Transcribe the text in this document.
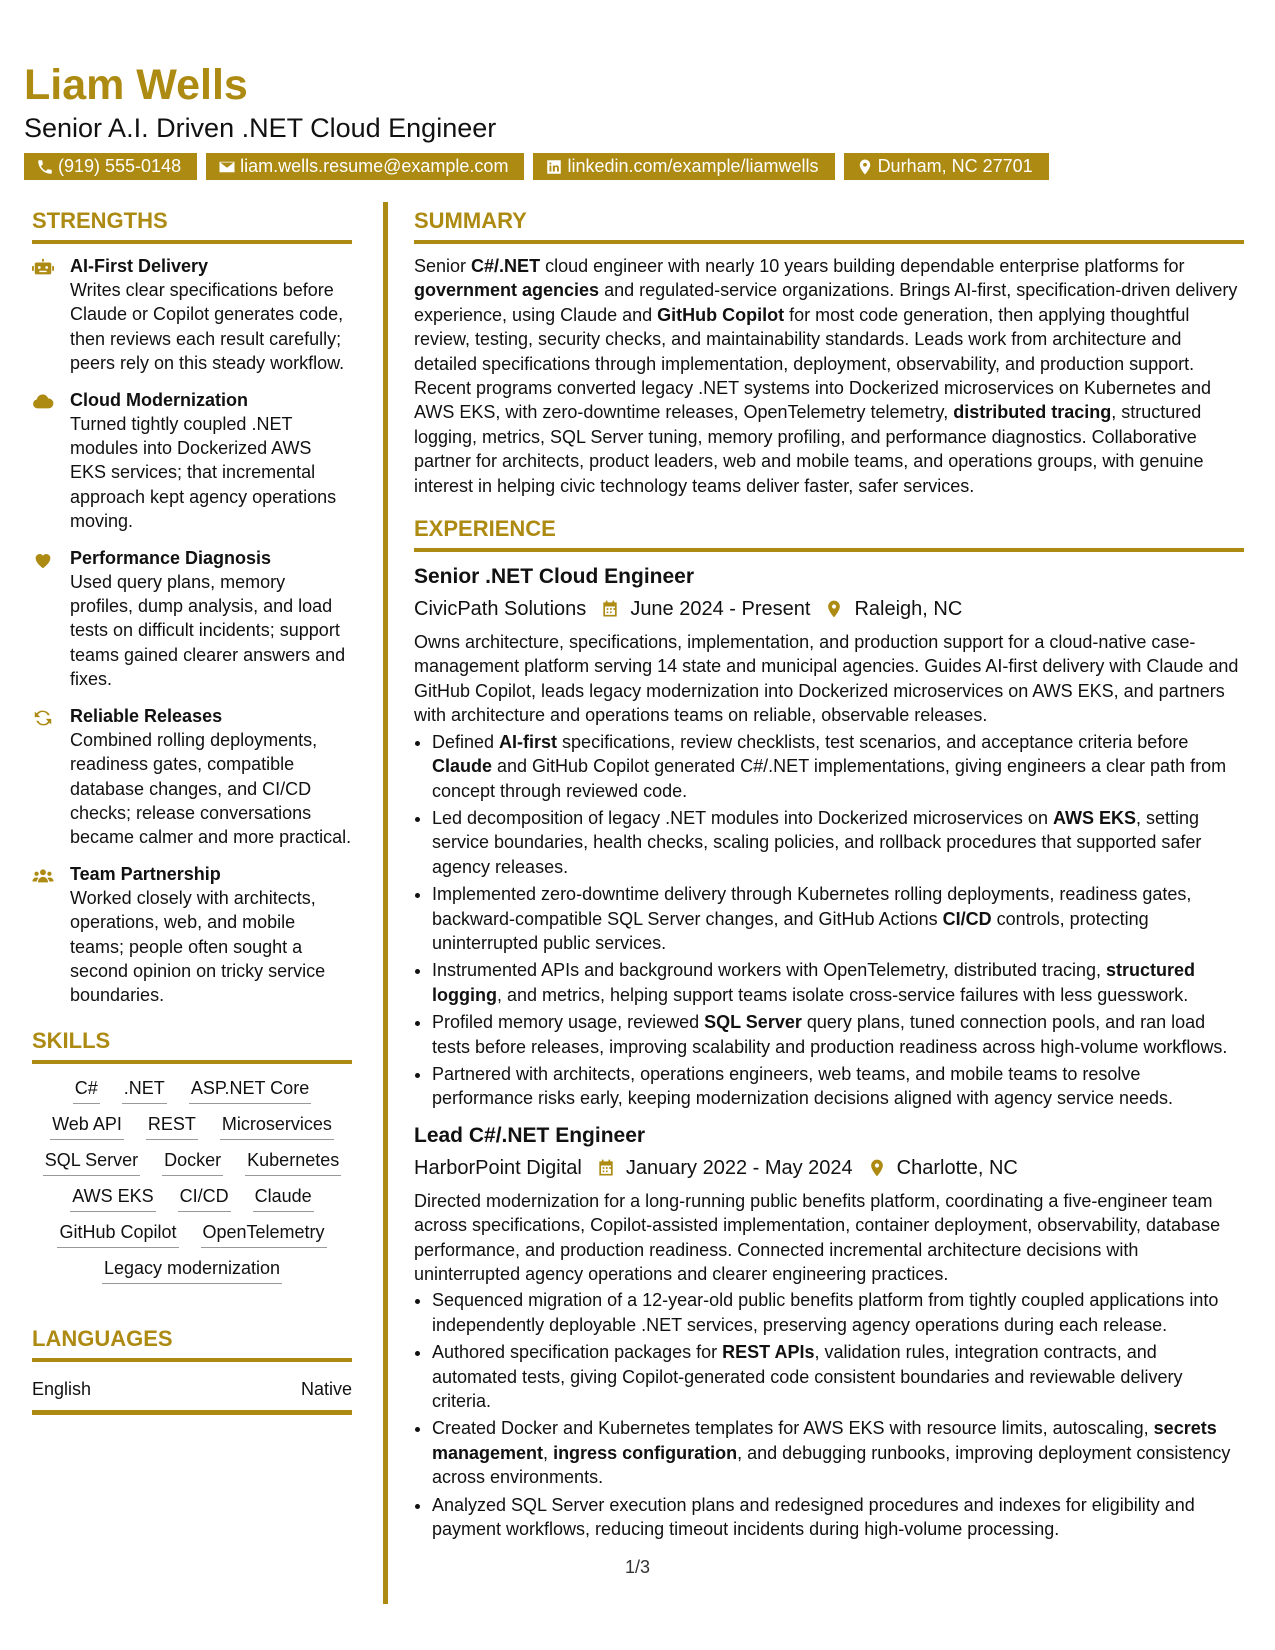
Liam Wells
Senior A.I. Driven .NET Cloud Engineer
(919) 555-0148	liam.wells.resume@example.com	linkedin.com/example/liamwells	Durham, NC 27701
STRENGTHS
AI-First Delivery
Writes clear specifications before Claude or Copilot generates code, then reviews each result carefully; peers rely on this steady workflow.
Cloud Modernization
Turned tightly coupled .NET modules into Dockerized AWS EKS services; that incremental approach kept agency operations moving.
Performance Diagnosis
Used query plans, memory profiles, dump analysis, and load tests on difficult incidents; support teams gained clearer answers and fixes.
Reliable Releases
Combined rolling deployments, readiness gates, compatible database changes, and CI/CD checks; release conversations became calmer and more practical.
Team Partnership
Worked closely with architects, operations, web, and mobile teams; people often sought a second opinion on tricky service boundaries.
SKILLS
C# .NET ASP.NET Core
Web API REST Microservices
SQL Server Docker Kubernetes
AWS EKS CI/CD Claude
GitHub Copilot OpenTelemetry
Legacy modernization
LANGUAGES
English	Native
SUMMARY
Senior C#/.NET cloud engineer with nearly 10 years building dependable enterprise platforms for government agencies and regulated-service organizations. Brings AI-first, specification-driven delivery experience, using Claude and GitHub Copilot for most code generation, then applying thoughtful review, testing, security checks, and maintainability standards. Leads work from architecture and detailed specifications through implementation, deployment, observability, and production support. Recent programs converted legacy .NET systems into Dockerized microservices on Kubernetes and AWS EKS, with zero-downtime releases, OpenTelemetry telemetry, distributed tracing, structured logging, metrics, SQL Server tuning, memory profiling, and performance diagnostics. Collaborative partner for architects, product leaders, web and mobile teams, and operations groups, with genuine interest in helping civic technology teams deliver faster, safer services.
EXPERIENCE
Senior .NET Cloud Engineer
CivicPath Solutions June 2024 - Present Raleigh, NC
Owns architecture, specifications, implementation, and production support for a cloud-native case-management platform serving 14 state and municipal agencies. Guides AI-first delivery with Claude and GitHub Copilot, leads legacy modernization into Dockerized microservices on AWS EKS, and partners with architecture and operations teams on reliable, observable releases.
• Defined AI-first specifications, review checklists, test scenarios, and acceptance criteria before Claude and GitHub Copilot generated C#/.NET implementations, giving engineers a clear path from concept through reviewed code.
• Led decomposition of legacy .NET modules into Dockerized microservices on AWS EKS, setting service boundaries, health checks, scaling policies, and rollback procedures that supported safer agency releases.
• Implemented zero-downtime delivery through Kubernetes rolling deployments, readiness gates, backward-compatible SQL Server changes, and GitHub Actions CI/CD controls, protecting uninterrupted public services.
• Instrumented APIs and background workers with OpenTelemetry, distributed tracing, structured logging, and metrics, helping support teams isolate cross-service failures with less guesswork.
• Profiled memory usage, reviewed SQL Server query plans, tuned connection pools, and ran load tests before releases, improving scalability and production readiness across high-volume workflows.
• Partnered with architects, operations engineers, web teams, and mobile teams to resolve performance risks early, keeping modernization decisions aligned with agency service needs.
Lead C#/.NET Engineer
HarborPoint Digital January 2022 - May 2024 Charlotte, NC
Directed modernization for a long-running public benefits platform, coordinating a five-engineer team across specifications, Copilot-assisted implementation, container deployment, observability, database performance, and production readiness. Connected incremental architecture decisions with uninterrupted agency operations and clearer engineering practices.
• Sequenced migration of a 12-year-old public benefits platform from tightly coupled applications into independently deployable .NET services, preserving agency operations during each release.
• Authored specification packages for REST APIs, validation rules, integration contracts, and automated tests, giving Copilot-generated code consistent boundaries and reviewable delivery criteria.
• Created Docker and Kubernetes templates for AWS EKS with resource limits, autoscaling, secrets management, ingress configuration, and debugging runbooks, improving deployment consistency across environments.
• Analyzed SQL Server execution plans and redesigned procedures and indexes for eligibility and payment workflows, reducing timeout incidents during high-volume processing.
1/3
